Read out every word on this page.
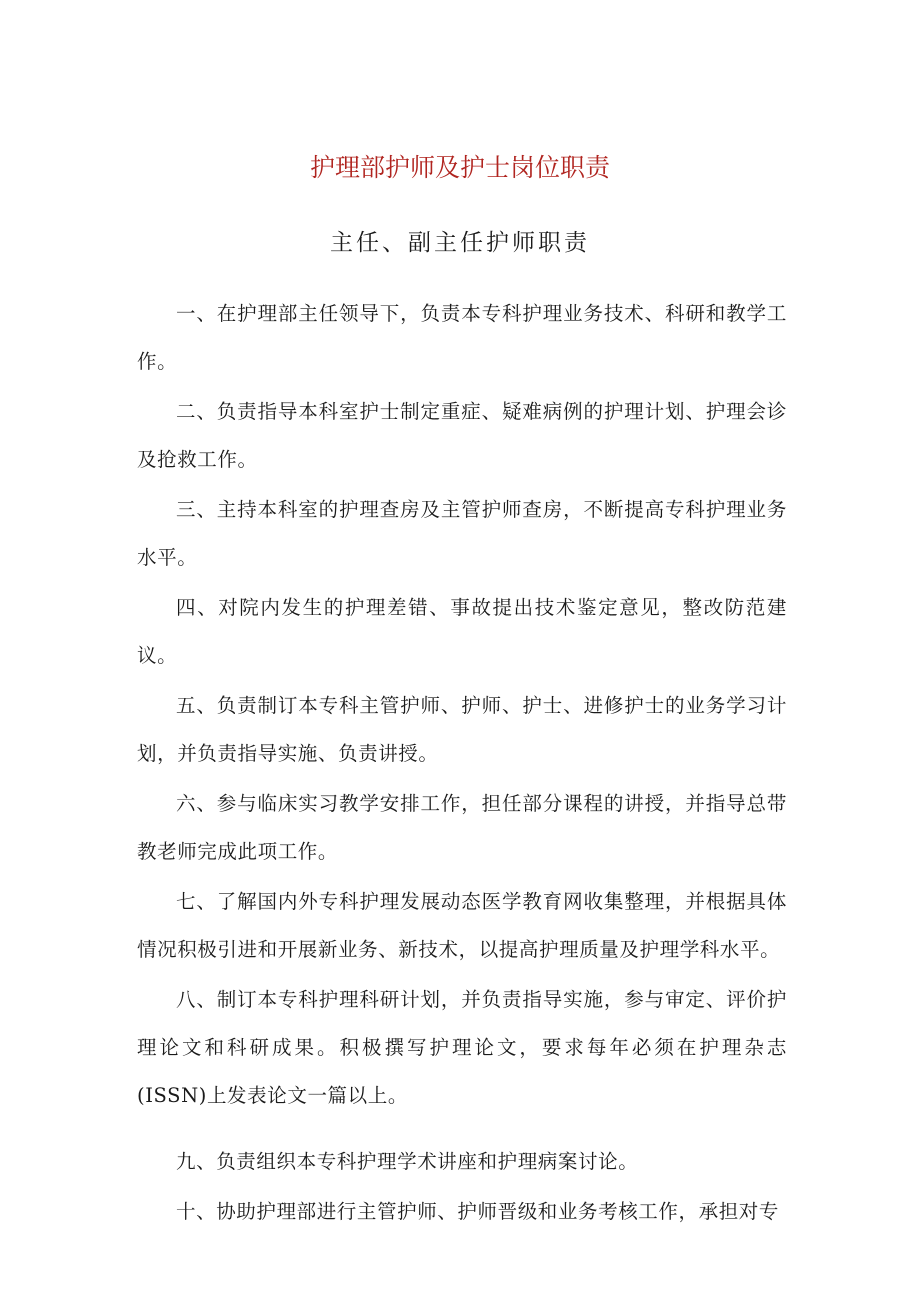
护理部护师及护士岗位职责
主任、副主任护师职责

一、在护理部主任领导下，负责本专科护理业务技术、科研和教学工作。

二、负责指导本科室护士制定重症、疑难病例的护理计划、护理会诊及抢救工作。

三、主持本科室的护理查房及主管护师查房，不断提高专科护理业务水平。

四、对院内发生的护理差错、事故提出技术鉴定意见，整改防范建议。

五、负责制订本专科主管护师、护师、护士、进修护士的业务学习计划，并负责指导实施、负责讲授。

六、参与临床实习教学安排工作，担任部分课程的讲授，并指导总带教老师完成此项工作。

七、了解国内外专科护理发展动态医学教育网收集整理，并根据具体情况积极引进和开展新业务、新技术，以提高护理质量及护理学科水平。

八、制订本专科护理科研计划，并负责指导实施，参与审定、评价护理论文和科研成果。积极撰写护理论文，要求每年必须在护理杂志(ISSN)上发表论文一篇以上。

九、负责组织本专科护理学术讲座和护理病案讨论。

十、协助护理部进行主管护师、护师晋级和业务考核工作，承担对专
